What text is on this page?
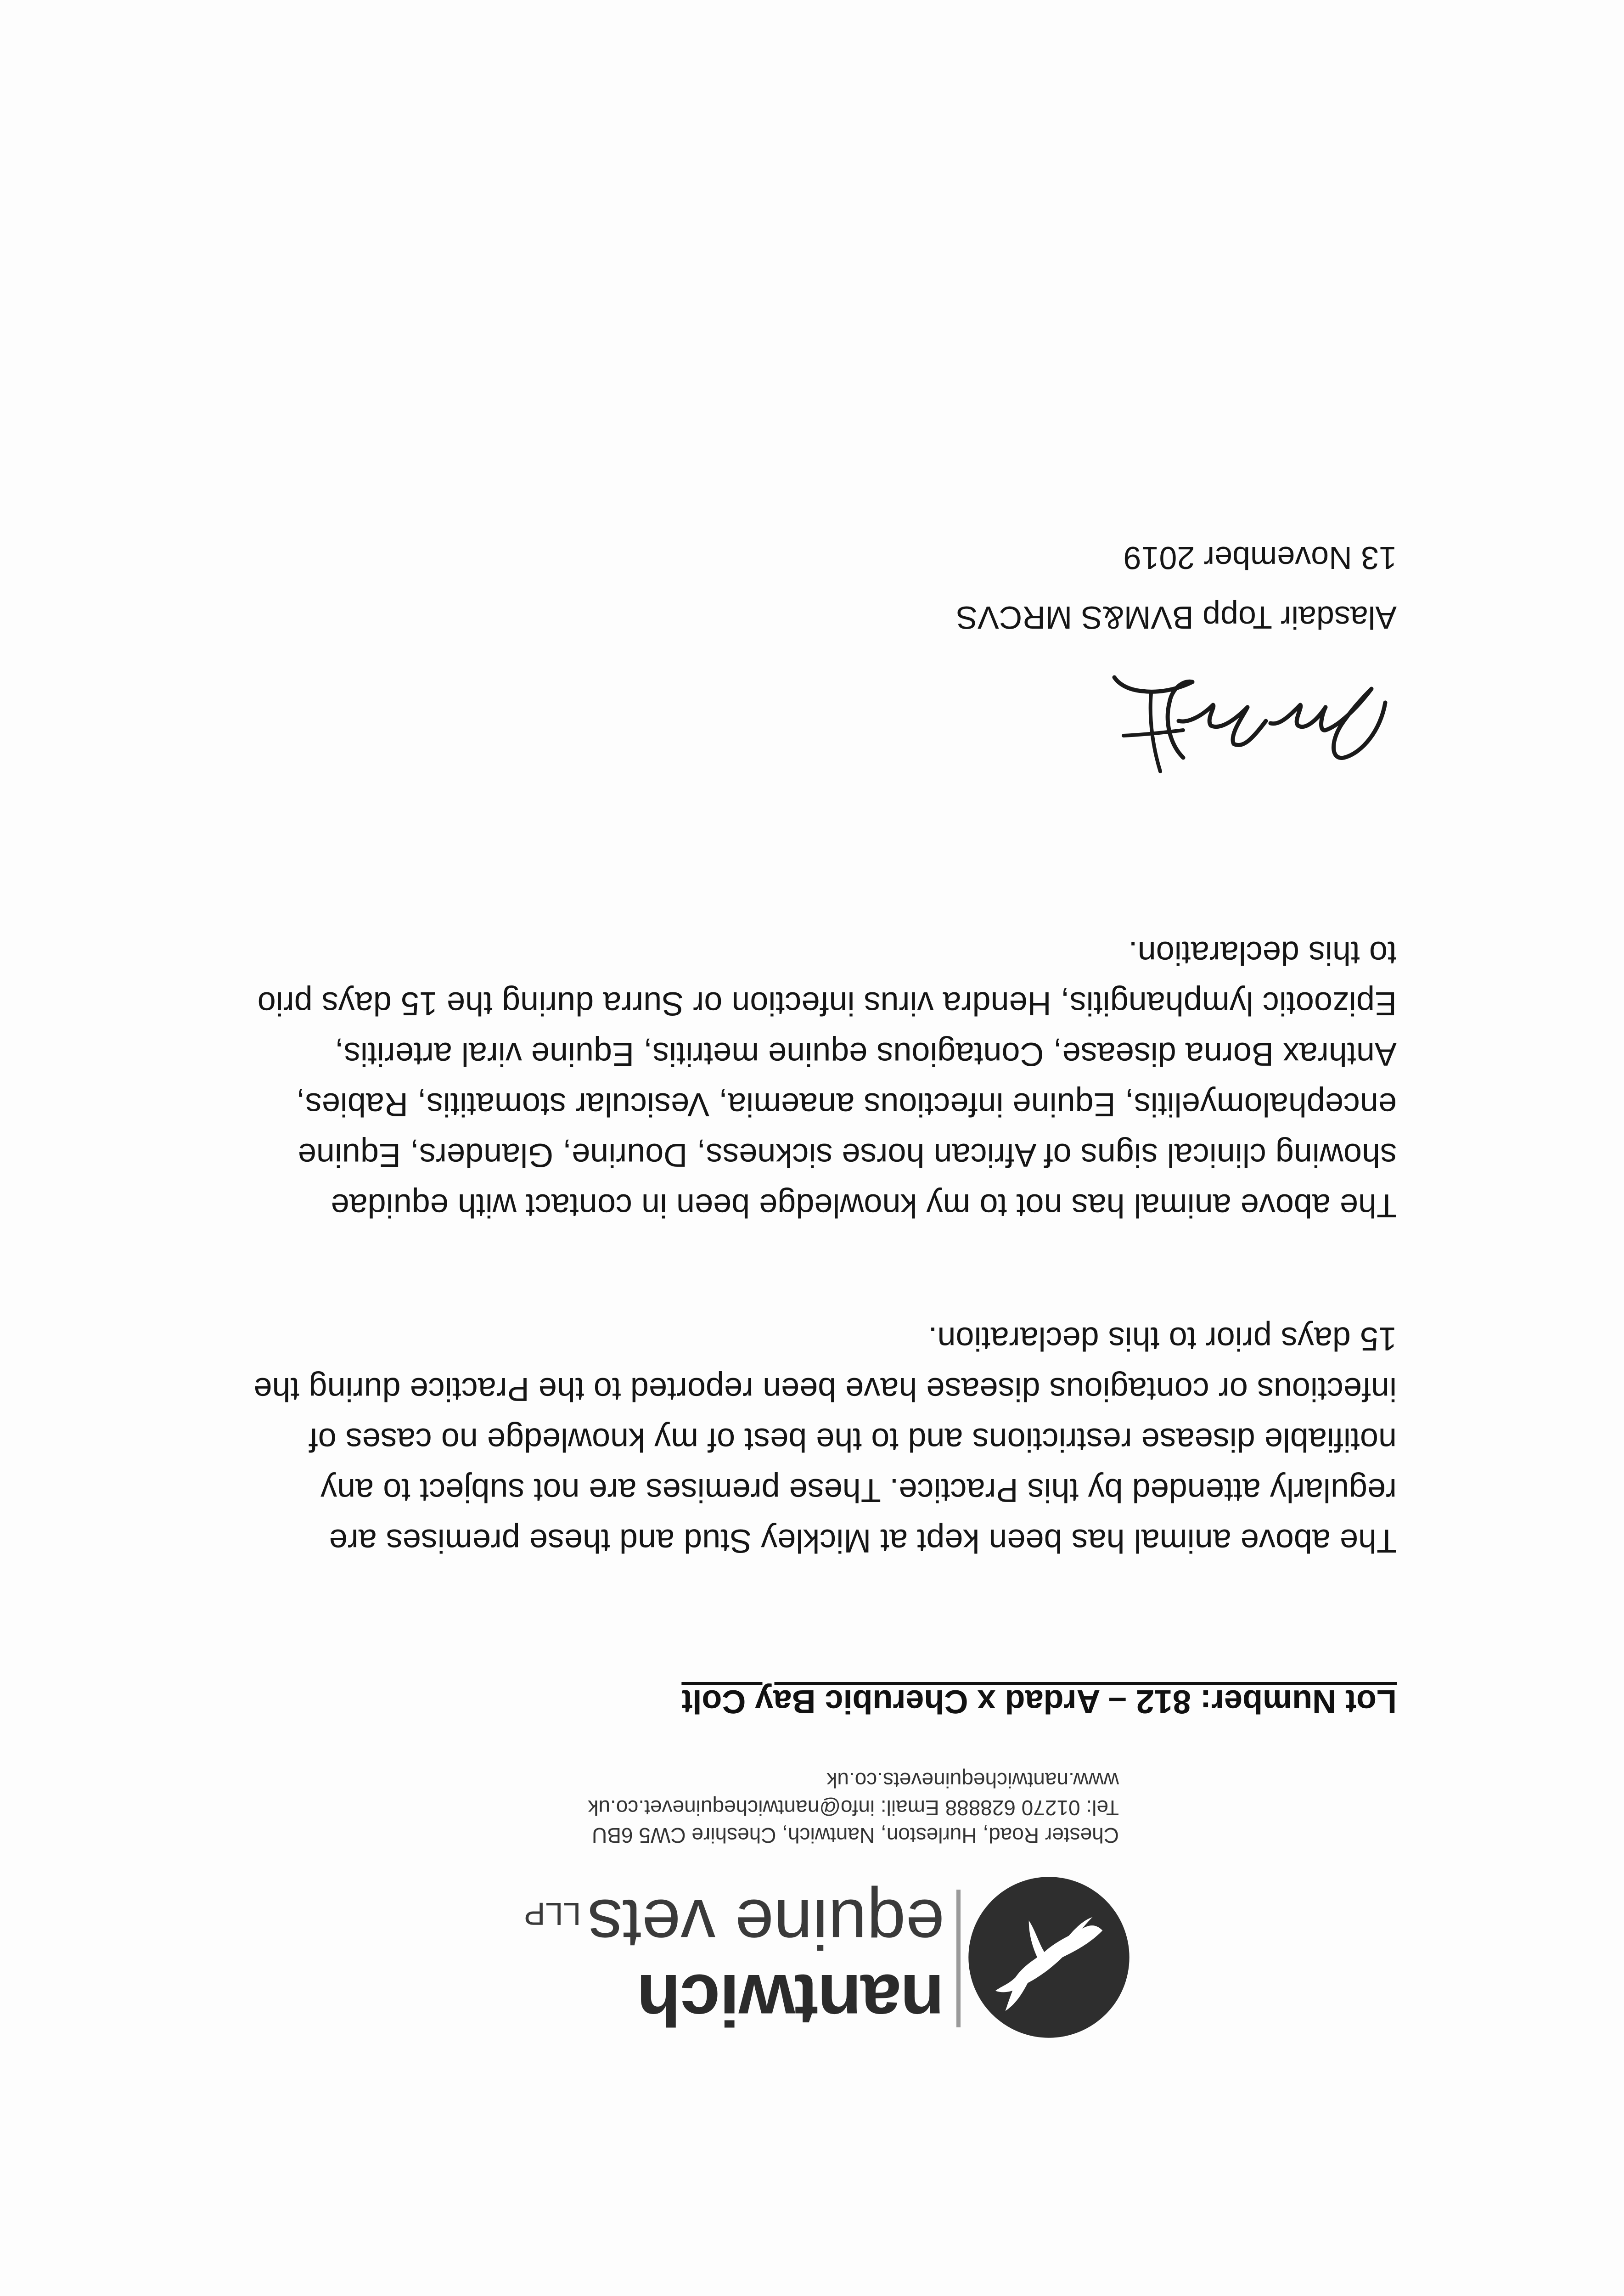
nantwich
equine vetsLLP
Chester Road, Hurleston, Nantwich, Cheshire CW5 6BU
Tel: 01270 628888 Email: info@nantwichequinevet.co.uk
www.nantwichequinevets.co.uk
Lot Number: 812 – Ardad x Cherubic Bay Colt

The above animal has been kept at Mickley Stud and these premises are
regularly attended by this Practice. These premises are not subject to any
notifiable disease restrictions and to the best of my knowledge no cases of
infectious or contagious disease have been reported to the Practice during the
15 days prior to this declaration.

The above animal has not to my knowledge been in contact with equidae
showing clinical signs of African horse sickness, Dourine, Glanders, Equine
encephalomyelitis, Equine infectious anaemia, Vesicular stomatitis, Rabies,
Anthrax Borna disease, Contagious equine metritis, Equine viral arteritis,
Epizootic lymphangitis, Hendra virus infection or Surra during the 15 days prio
to this declaration.

Alasdair Topp BVM&S MRCVS
13 November 2019
